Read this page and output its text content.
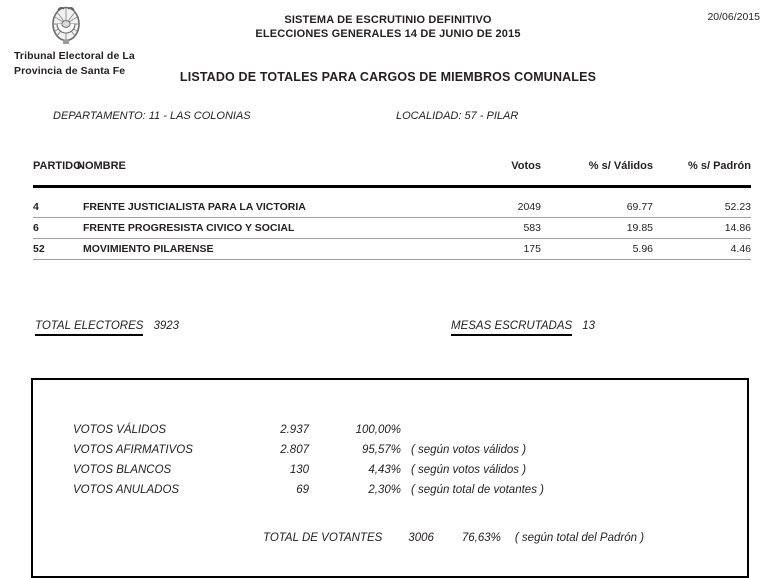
Tribunal Electoral de La
Provincia de Santa Fe
20/06/2015
SISTEMA DE ESCRUTINIO DEFINITIVO
ELECCIONES GENERALES 14 DE JUNIO DE 2015
LISTADO DE TOTALES PARA CARGOS DE MIEMBROS COMUNALES
DEPARTAMENTO: 11 - LAS COLONIAS	LOCALIDAD: 57 - PILAR
PARTIDO	NOMBRE	Votos	% s/ Válidos	% s/ Padrón
4	FRENTE JUSTICIALISTA PARA LA VICTORIA	2049	69.77	52.23
6	FRENTE PROGRESISTA CIVICO Y SOCIAL	583	19.85	14.86
52	MOVIMIENTO PILARENSE	175	5.96	4.46
TOTAL ELECTORES 3923	MESAS ESCRUTADAS 13
VOTOS VÁLIDOS	2.937	100,00%	
VOTOS AFIRMATIVOS	2.807	95,57%	( según votos válidos )
VOTOS BLANCOS	130	4,43%	( según votos válidos )
VOTOS ANULADOS	69	2,30%	( según total de votantes )
TOTAL DE VOTANTES 3006 76,63% ( según total del Padrón )
